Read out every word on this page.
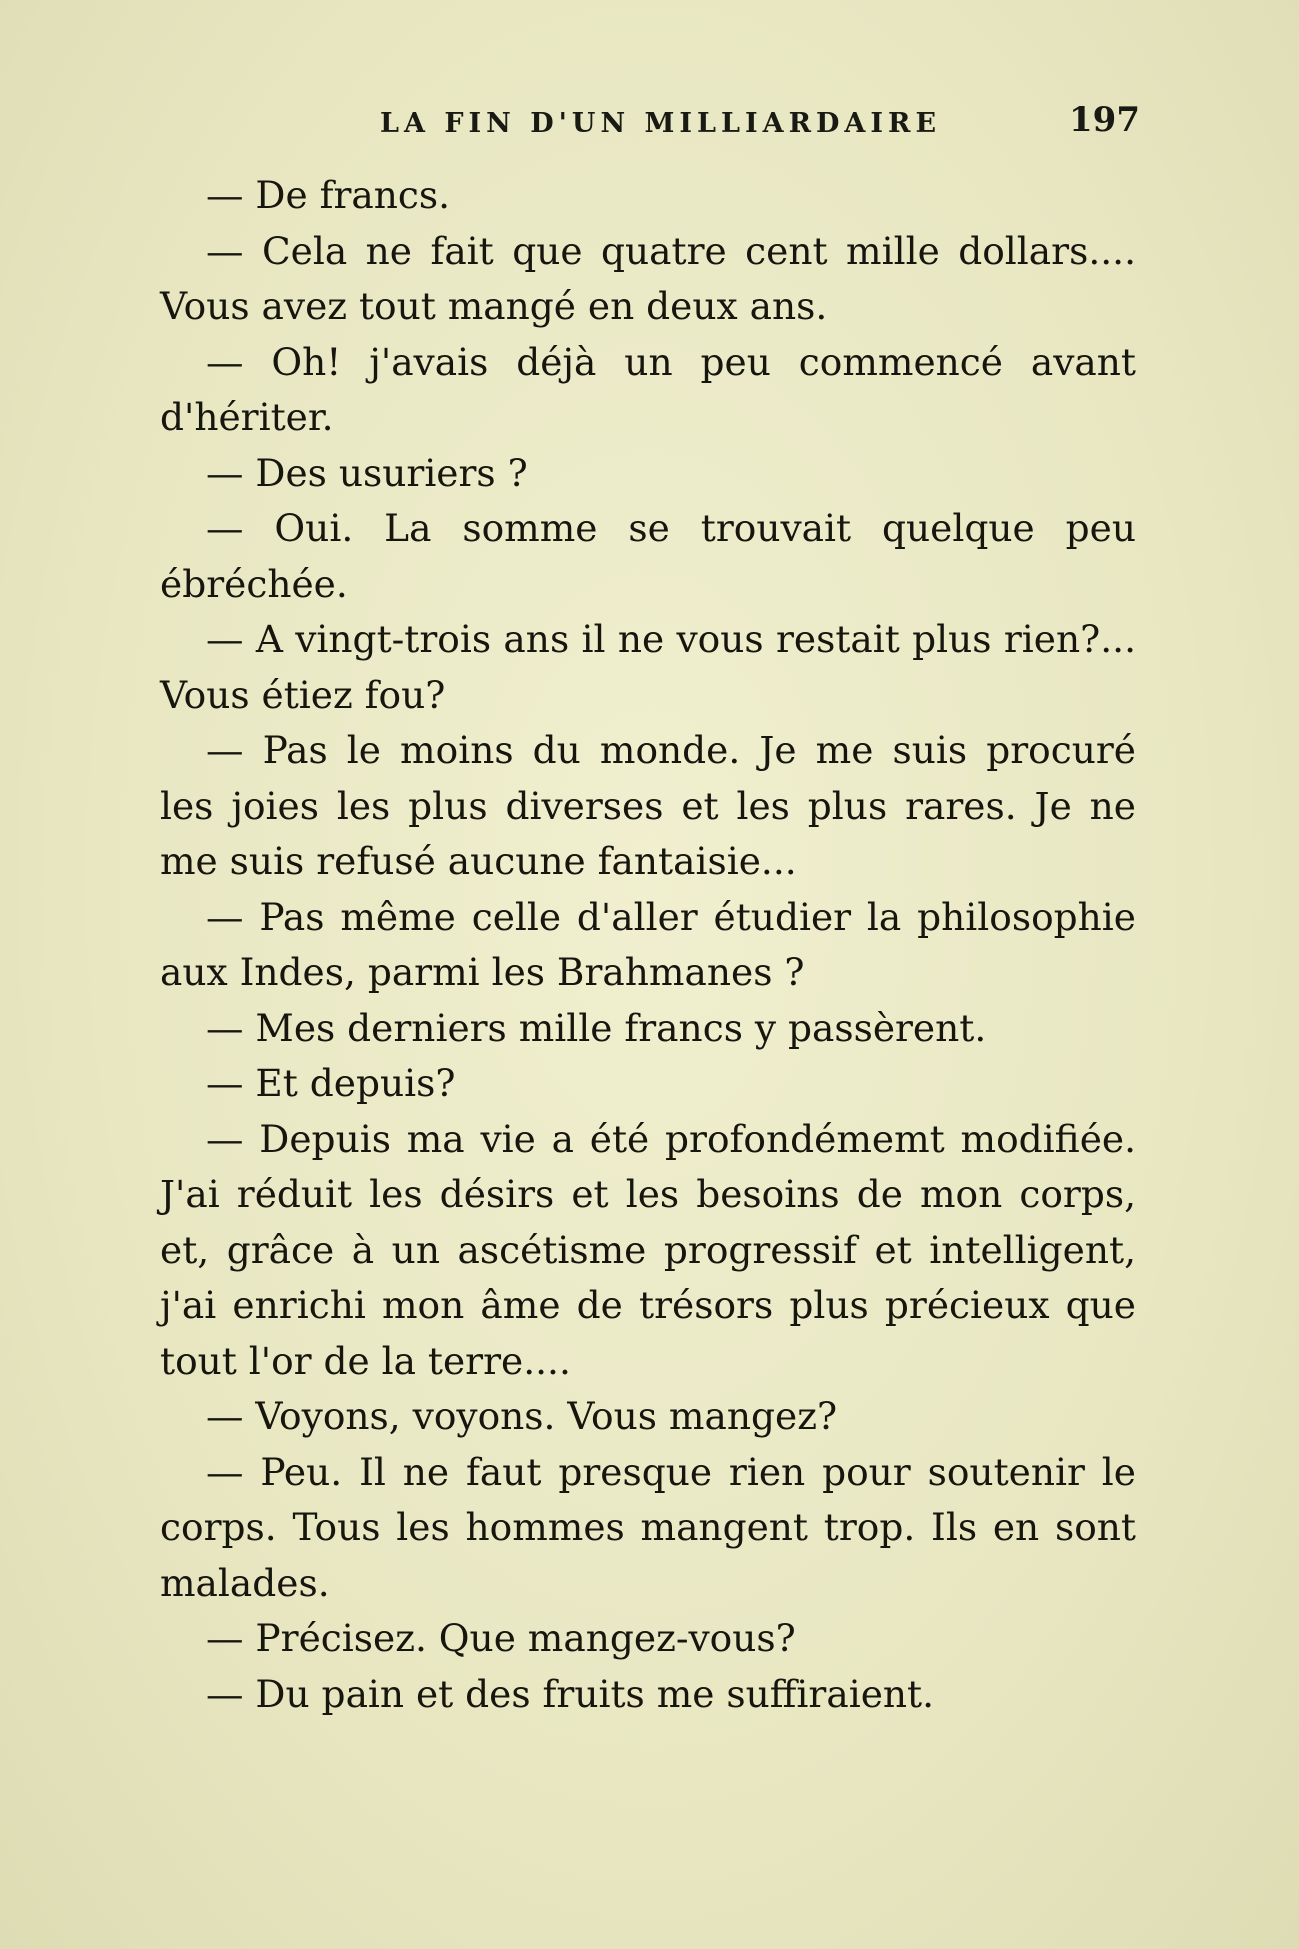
LA FIN D'UN MILLIARDAIRE	197

— De francs.

— Cela ne fait que quatre cent mille dollars.... Vous avez tout mangé en deux ans.

— Oh! j'avais déjà un peu commencé avant d'hériter.

— Des usuriers ?

— Oui. La somme se trouvait quelque peu ébréchée.

— A vingt-trois ans il ne vous restait plus rien?... Vous étiez fou?

— Pas le moins du monde. Je me suis procuré les joies les plus diverses et les plus rares. Je ne me suis refusé aucune fantaisie...

— Pas même celle d'aller étudier la philosophie aux Indes, parmi les Brahmanes ?

— Mes derniers mille francs y passèrent.

— Et depuis?

— Depuis ma vie a été profondémemt modifiée. J'ai réduit les désirs et les besoins de mon corps, et, grâce à un ascétisme progressif et intelligent, j'ai enrichi mon âme de trésors plus précieux que tout l'or de la terre....

— Voyons, voyons. Vous mangez?

— Peu. Il ne faut presque rien pour soutenir le corps. Tous les hommes mangent trop. Ils en sont malades.

— Précisez. Que mangez-vous?

— Du pain et des fruits me suffiraient.
